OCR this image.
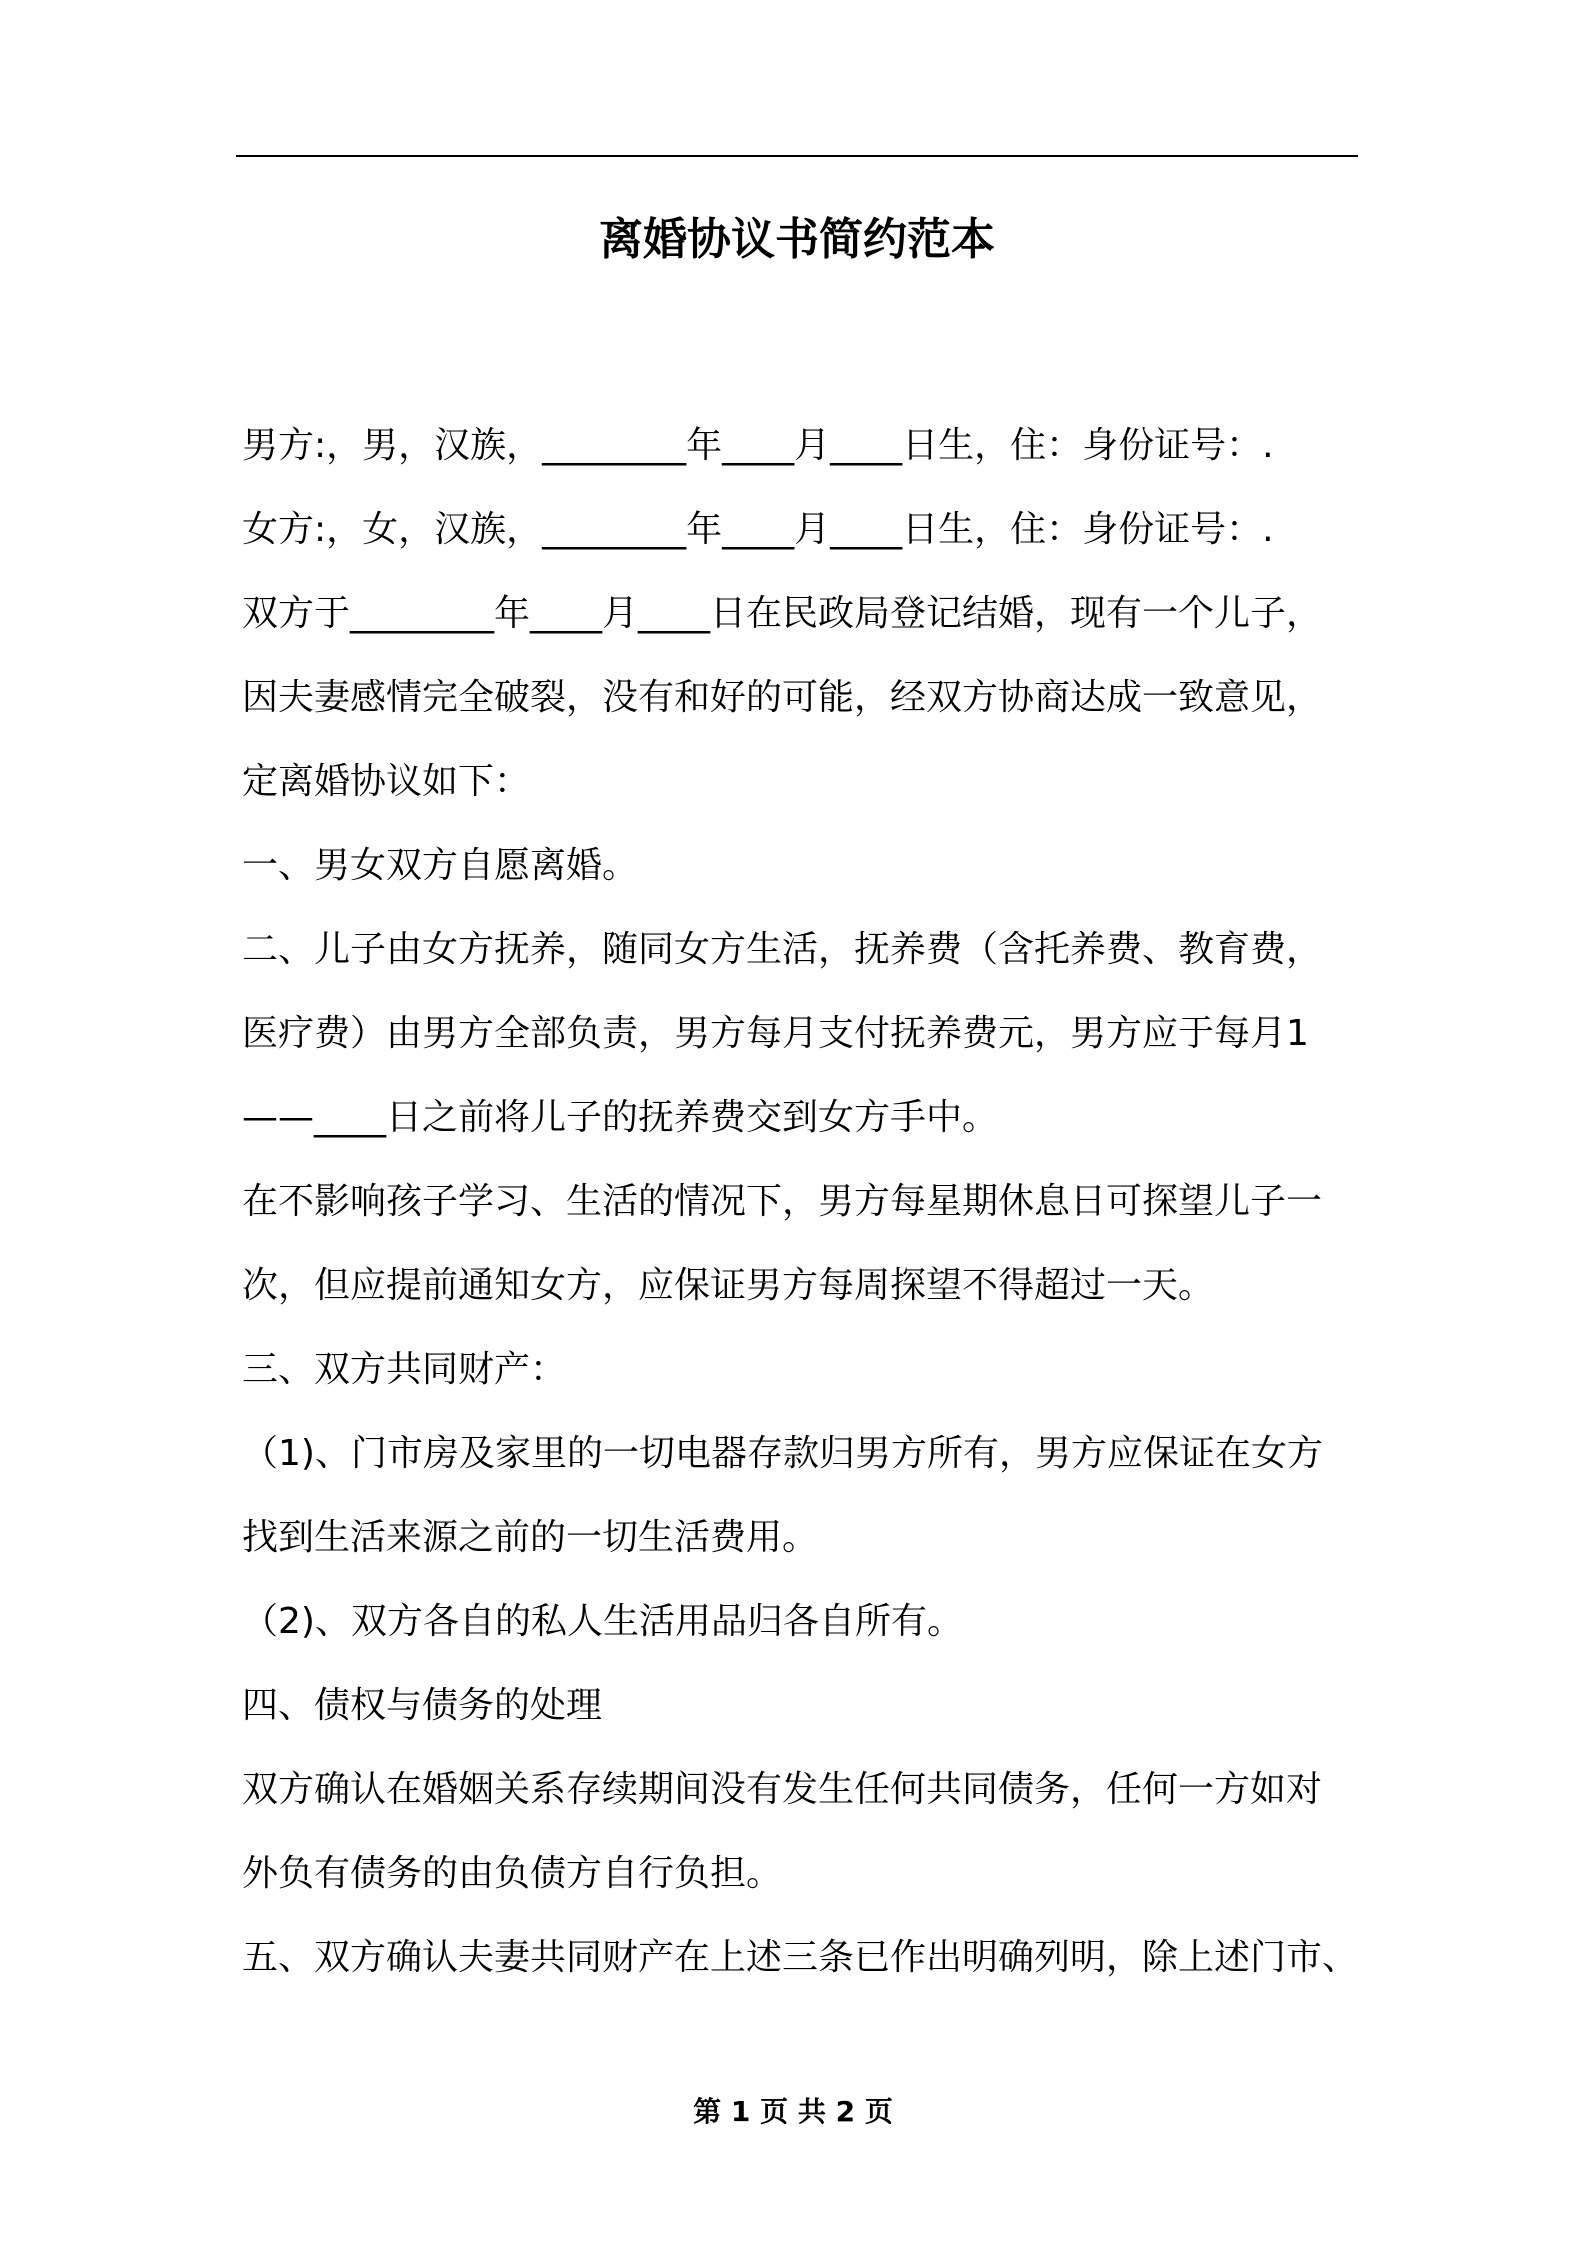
离婚协议书简约范本

男方:，男，汉族，________年____月____日生，住：身份证号：.

女方:，女，汉族，________年____月____日生，住：身份证号：.

双方于________年____月____日在民政局登记结婚，现有一个儿子，

因夫妻感情完全破裂，没有和好的可能，经双方协商达成一致意见，

定离婚协议如下：

一、男女双方自愿离婚。

二、儿子由女方抚养，随同女方生活，抚养费（含托养费、教育费，

医疗费）由男方全部负责，男方每月支付抚养费元，男方应于每月1

——____日之前将儿子的抚养费交到女方手中。

在不影响孩子学习、生活的情况下，男方每星期休息日可探望儿子一

次，但应提前通知女方，应保证男方每周探望不得超过一天。

三、双方共同财产：

（1)、门市房及家里的一切电器存款归男方所有，男方应保证在女方

找到生活来源之前的一切生活费用。

（2)、双方各自的私人生活用品归各自所有。

四、债权与债务的处理

双方确认在婚姻关系存续期间没有发生任何共同债务，任何一方如对

外负有债务的由负债方自行负担。

五、双方确认夫妻共同财产在上述三条已作出明确列明，除上述门市、

第 1 页 共 2 页
